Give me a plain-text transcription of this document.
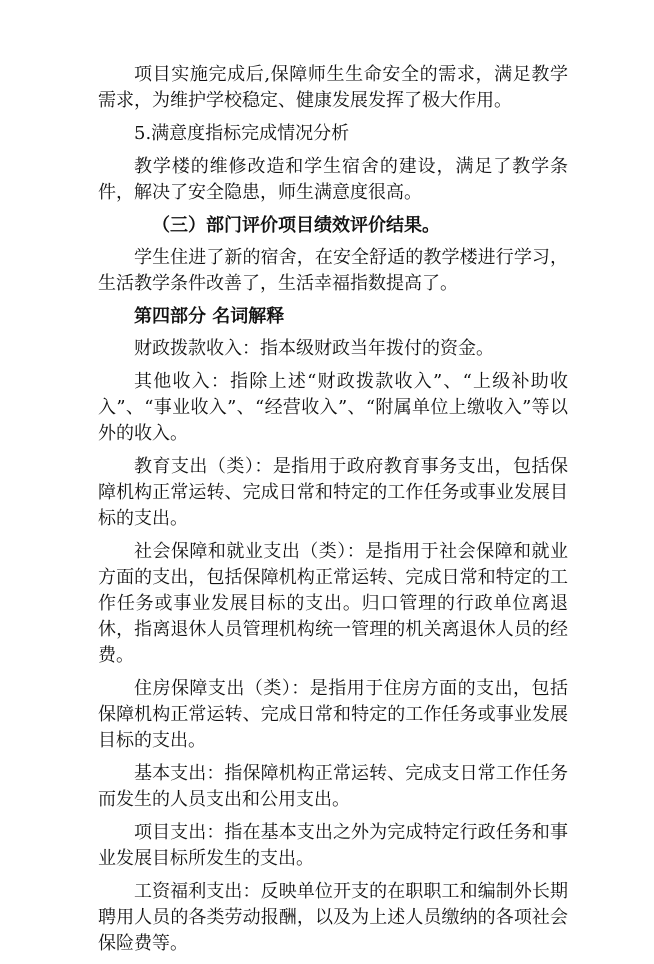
项目实施完成后,保障师生生命安全的需求，满足教学需求，为维护学校稳定、健康发展发挥了极大作用。

5.满意度指标完成情况分析

教学楼的维修改造和学生宿舍的建设，满足了教学条件，解决了安全隐患，师生满意度很高。

（三）部门评价项目绩效评价结果。

学生住进了新的宿舍，在安全舒适的教学楼进行学习，生活教学条件改善了，生活幸福指数提高了。

第四部分 名词解释

财政拨款收入：指本级财政当年拨付的资金。

其他收入：指除上述“财政拨款收入”、“上级补助收入”、“事业收入”、“经营收入”、“附属单位上缴收入”等以外的收入。

教育支出（类）：是指用于政府教育事务支出，包括保障机构正常运转、完成日常和特定的工作任务或事业发展目标的支出。

社会保障和就业支出（类）：是指用于社会保障和就业方面的支出，包括保障机构正常运转、完成日常和特定的工作任务或事业发展目标的支出。归口管理的行政单位离退休，指离退休人员管理机构统一管理的机关离退休人员的经费。

住房保障支出（类）：是指用于住房方面的支出，包括保障机构正常运转、完成日常和特定的工作任务或事业发展目标的支出。

基本支出：指保障机构正常运转、完成支日常工作任务而发生的人员支出和公用支出。

项目支出：指在基本支出之外为完成特定行政任务和事业发展目标所发生的支出。

工资福利支出：反映单位开支的在职职工和编制外长期聘用人员的各类劳动报酬，以及为上述人员缴纳的各项社会保险费等。
